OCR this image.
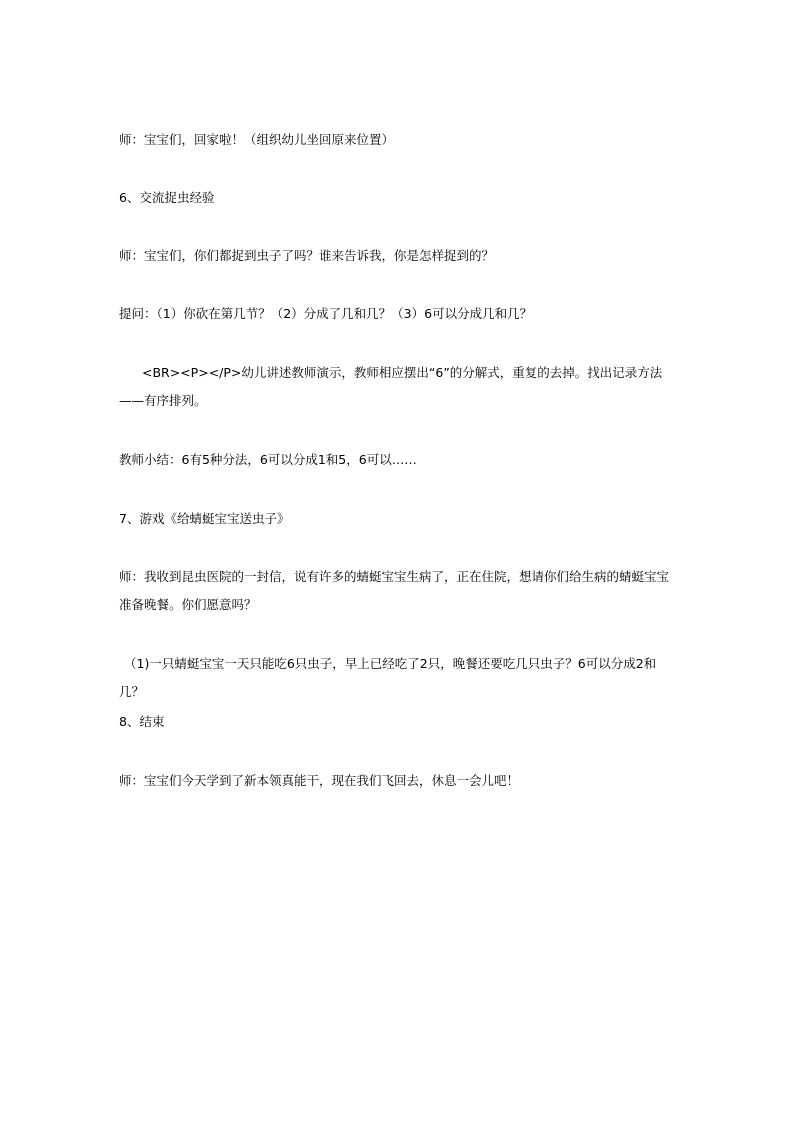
师：宝宝们，回家啦！（组织幼儿坐回原来位置）

6、交流捉虫经验

师：宝宝们，你们都捉到虫子了吗？谁来告诉我，你是怎样捉到的？

提问：（1）你砍在第几节？（2）分成了几和几？（3）6可以分成几和几？

<BR><P></P>幼儿讲述教师演示，教师相应摆出“6”的分解式，重复的去掉。找出记录方法——有序排列。

教师小结：6有5种分法，6可以分成1和5，6可以……

7、游戏《给蜻蜓宝宝送虫子》

师：我收到昆虫医院的一封信，说有许多的蜻蜓宝宝生病了，正在住院，想请你们给生病的蜻蜓宝宝准备晚餐。你们愿意吗？

（1)一只蜻蜓宝宝一天只能吃6只虫子，早上已经吃了2只，晚餐还要吃几只虫子？6可以分成2和几？

8、结束

师：宝宝们今天学到了新本领真能干，现在我们飞回去，休息一会儿吧！
